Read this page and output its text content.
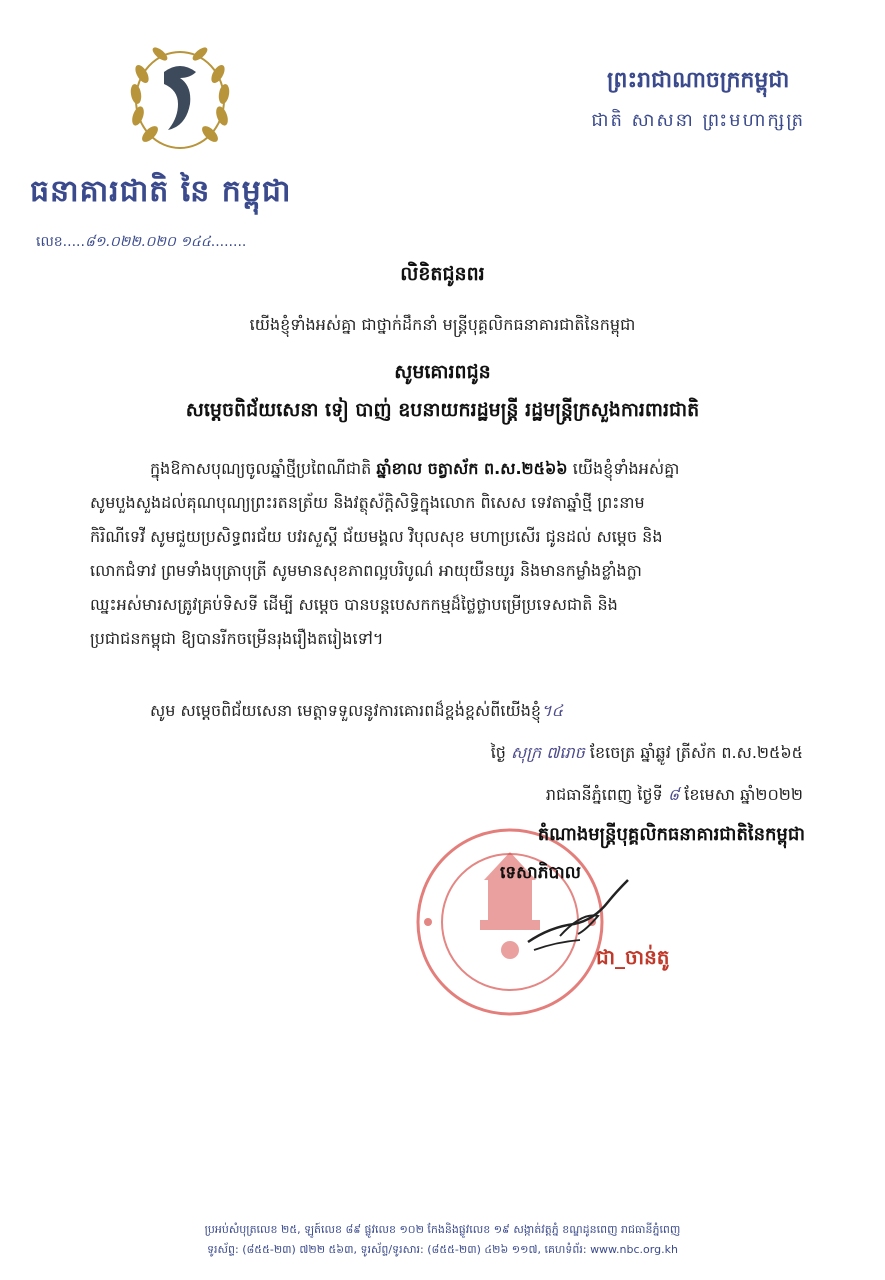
ធនាគារជាតិ នៃ កម្ពុជា
លេខ.....៨១.០២២.០២០ ១៤៤........
ព្រះរាជាណាចក្រកម្ពុជា
ជាតិ សាសនា ព្រះមហាក្សត្រ
លិខិតជូនពរ
យើងខ្ញុំទាំងអស់គ្នា ជាថ្នាក់ដឹកនាំ មន្ត្រីបុគ្គលិកធនាគារជាតិនៃកម្ពុជា
សូមគោរពជូន
សម្ដេចពិជ័យសេនា ទៀ បាញ់ ឧបនាយករដ្ឋមន្ត្រី រដ្ឋមន្ត្រីក្រសួងការពារជាតិ
ក្នុងឱកាសបុណ្យចូលឆ្នាំថ្មីប្រពៃណីជាតិ ឆ្នាំខាល ចត្វាស័ក ព.ស.២៥៦៦ យើងខ្ញុំទាំងអស់គ្នា
សូមបួងសួងដល់គុណបុណ្យព្រះរតនត្រ័យ និងវត្ថុស័ក្តិសិទ្ធិក្នុងលោក ពិសេស ទេវតាឆ្នាំថ្មី ព្រះនាម
កិរិណីទេវី សូមជួយប្រសិទ្ធពរជ័យ បវរសួស្តី ជ័យមង្គល វិបុលសុខ មហាប្រសើរ ជូនដល់ សម្តេច និង
លោកជំទាវ ព្រមទាំងបុត្រាបុត្រី សូមមានសុខភាពល្អបរិបូណ៌ អាយុយឺនយូរ និងមានកម្លាំងខ្លាំងក្លា
ឈ្នះអស់មារសត្រូវគ្រប់ទិសទី ដើម្បី សម្តេច បានបន្តបេសកកម្មដ៏ថ្លៃថ្លាបម្រើប្រទេសជាតិ និង
ប្រជាជនកម្ពុជា ឱ្យបានរីកចម្រើនរុងរឿងតរៀងទៅ។
សូម សម្តេចពិជ័យសេនា មេត្តាទទួលនូវការគោរពដ៏ខ្ពង់ខ្ពស់ពីយើងខ្ញុំ។៤
ថ្ងៃ សុក្រ ៧រោច ខែចេត្រ ឆ្នាំឆ្លូវ ត្រីស័ក ព.ស.២៥៦៥
រាជធានីភ្នំពេញ ថ្ងៃទី ៨ ខែមេសា ឆ្នាំ២០២២
តំណាងមន្ត្រីបុគ្គលិកធនាគារជាតិនៃកម្ពុជា
ទេសាភិបាល
ជា_ចាន់តូ
ប្រអប់សំបុត្រលេខ ២៥, ឡូត៍លេខ ៨៩ ផ្លូវលេខ ១០២ កែងនិងផ្លូវលេខ ១៩ សង្កាត់វត្តភ្នំ ខណ្ឌដូនពេញ រាជធានីភ្នំពេញ
ទូរស័ព្ទ: (៨៥៥-២៣) ៧២២ ៥៦៣, ទូរស័ព្ទ/ទូរសារ: (៨៥៥-២៣) ៤២៦ ១១៧, គេហទំព័រ: www.nbc.org.kh
